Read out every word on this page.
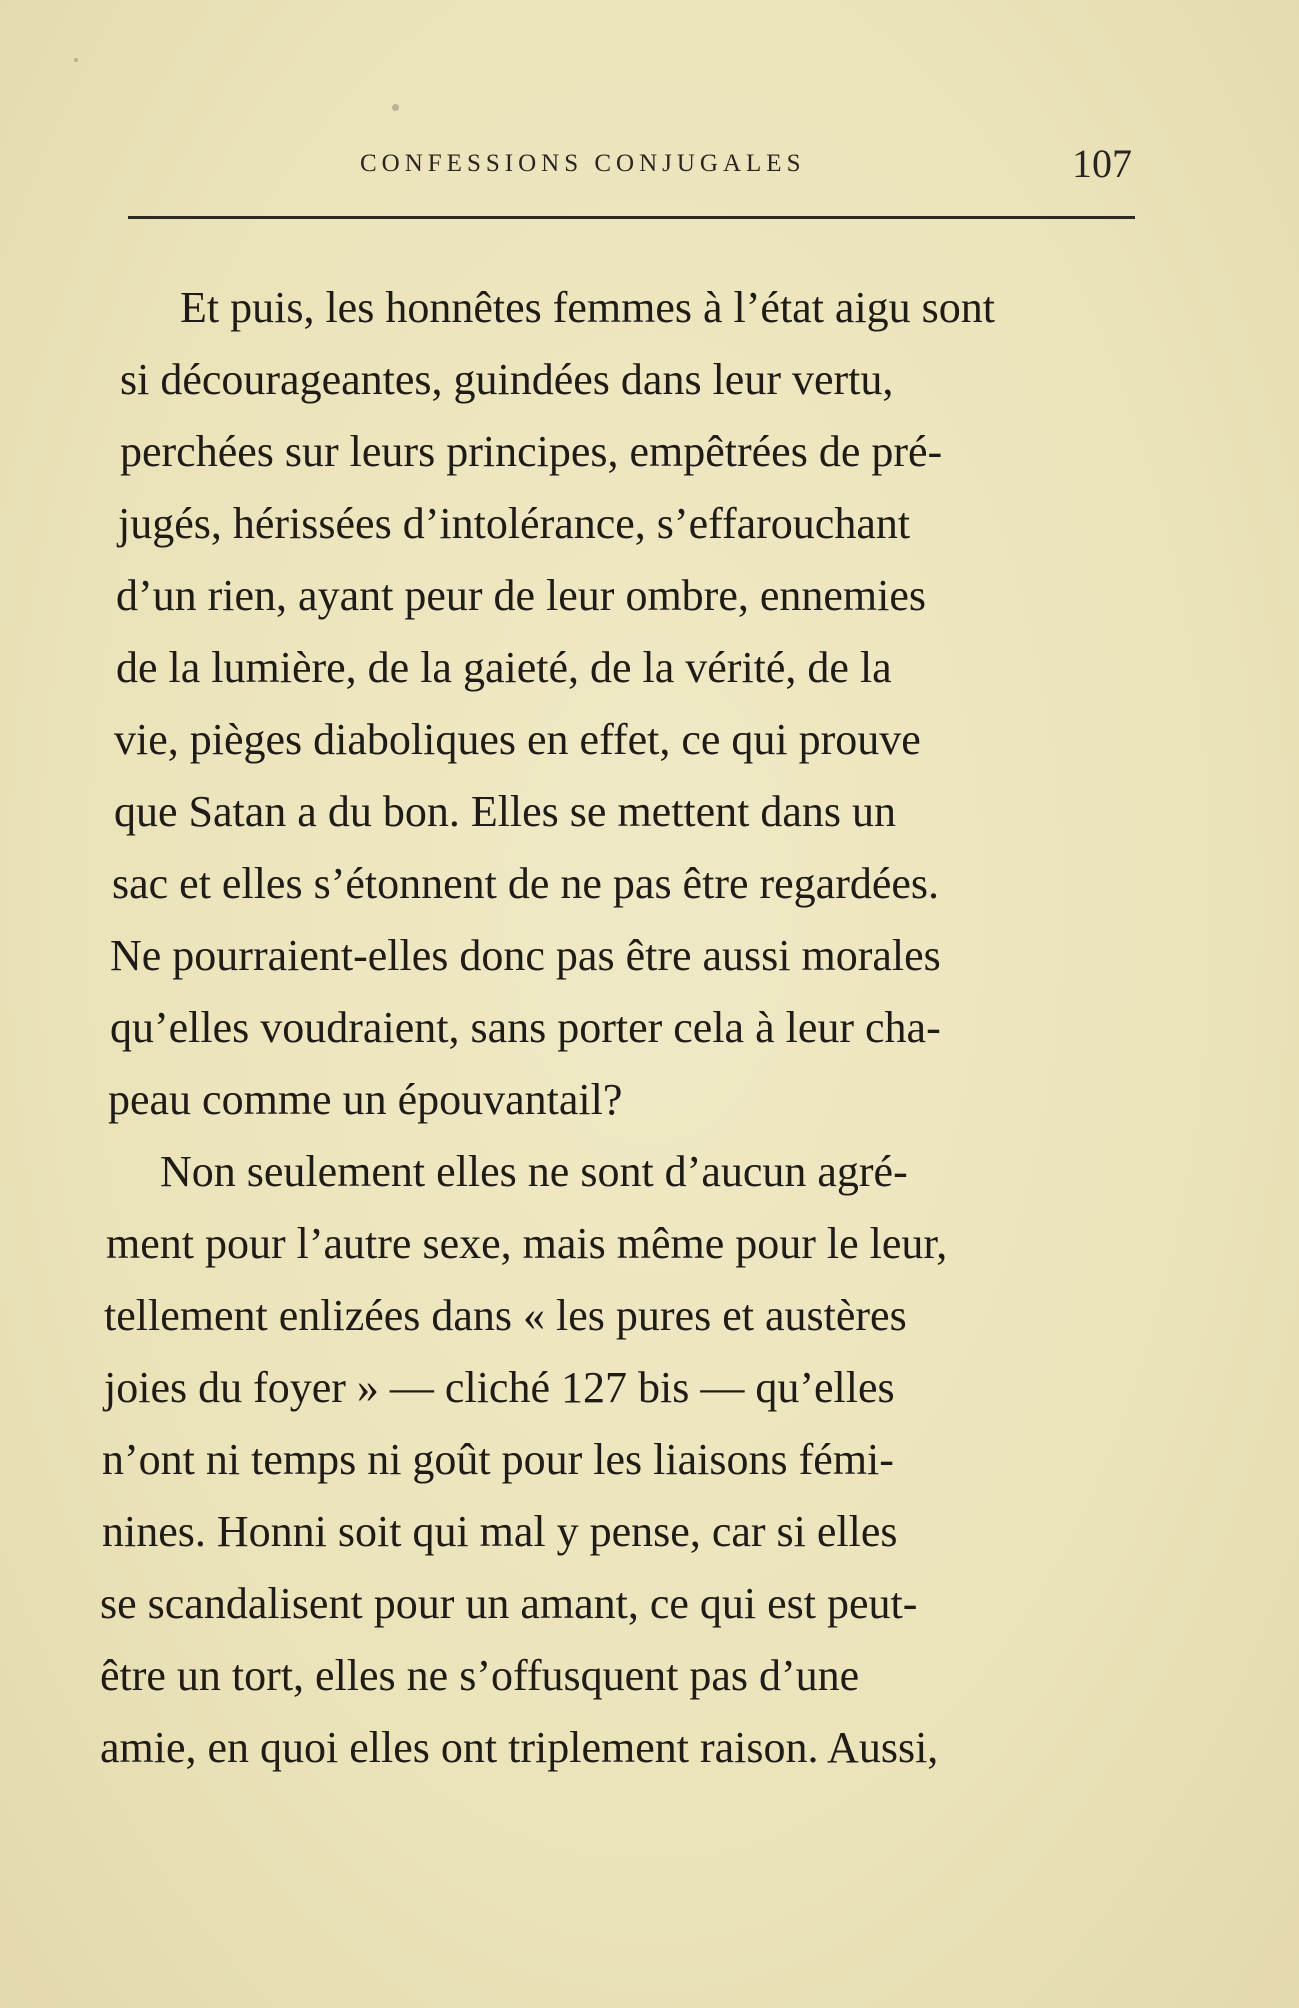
CONFESSIONS CONJUGALES	107
Et puis, les honnêtes femmes à l’état aigu sont
si décourageantes, guindées dans leur vertu,
perchées sur leurs principes, empêtrées de pré-
jugés, hérissées d’intolérance, s’effarouchant
d’un rien, ayant peur de leur ombre, ennemies
de la lumière, de la gaieté, de la vérité, de la
vie, pièges diaboliques en effet, ce qui prouve
que Satan a du bon. Elles se mettent dans un
sac et elles s’étonnent de ne pas être regardées.
Ne pourraient-elles donc pas être aussi morales
qu’elles voudraient, sans porter cela à leur cha-
peau comme un épouvantail?
Non seulement elles ne sont d’aucun agré-
ment pour l’autre sexe, mais même pour le leur,
tellement enlizées dans « les pures et austères
joies du foyer » — cliché 127 bis — qu’elles
n’ont ni temps ni goût pour les liaisons fémi-
nines. Honni soit qui mal y pense, car si elles
se scandalisent pour un amant, ce qui est peut-
être un tort, elles ne s’offusquent pas d’une
amie, en quoi elles ont triplement raison. Aussi,
